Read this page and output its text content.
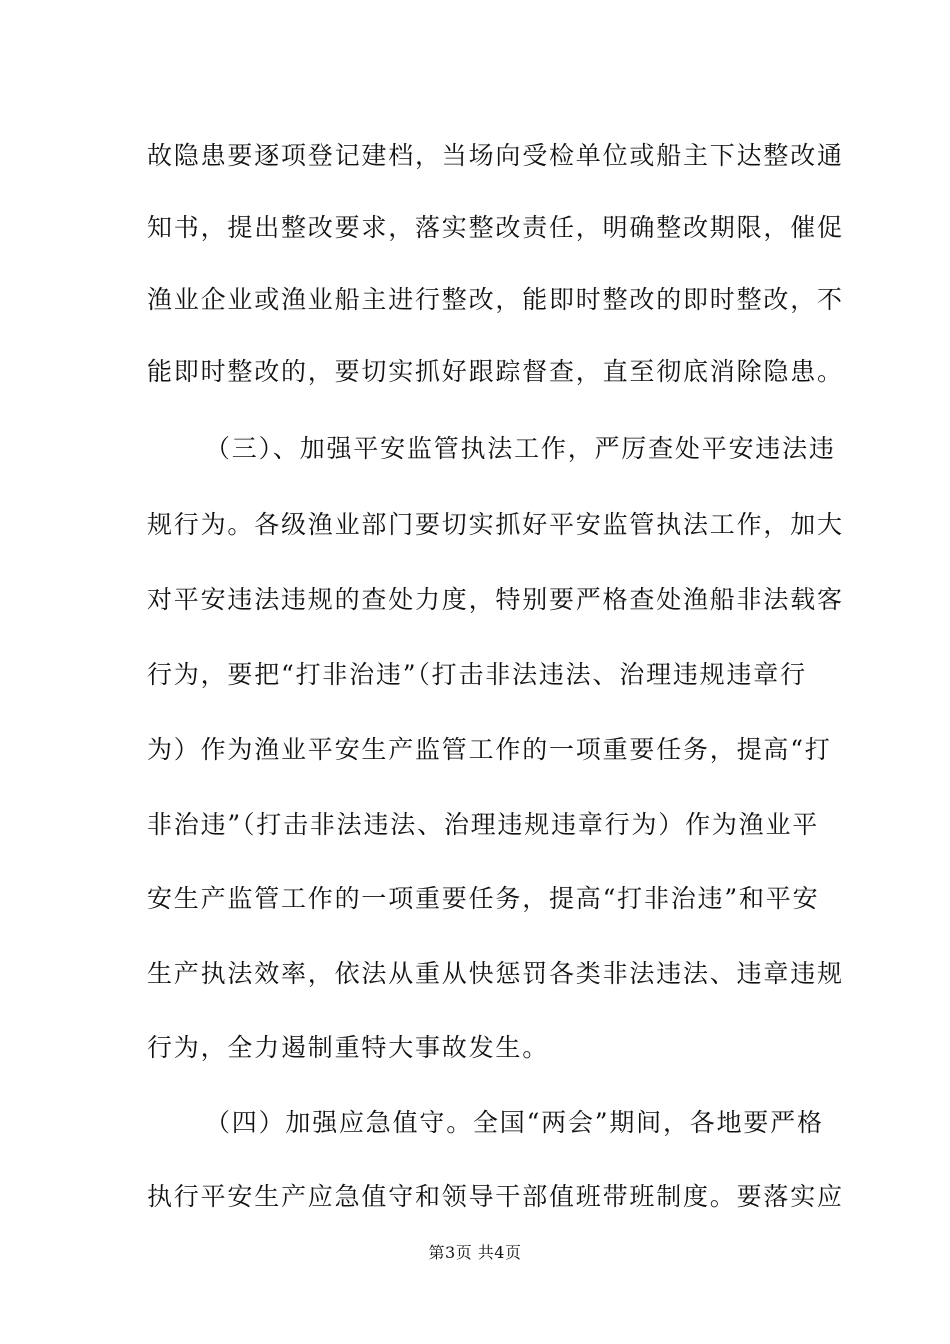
故隐患要逐项登记建档，当场向受检单位或船主下达整改通
知书，提出整改要求，落实整改责任，明确整改期限，催促
渔业企业或渔业船主进行整改，能即时整改的即时整改，不
能即时整改的，要切实抓好跟踪督查，直至彻底消除隐患。
（三）、加强平安监管执法工作，严厉查处平安违法违
规行为。各级渔业部门要切实抓好平安监管执法工作，加大
对平安违法违规的查处力度，特别要严格查处渔船非法载客
行为，要把“打非治违”（打击非法违法、治理违规违章行
为）作为渔业平安生产监管工作的一项重要任务，提高“打
非治违”（打击非法违法、治理违规违章行为）作为渔业平
安生产监管工作的一项重要任务，提高“打非治违”和平安
生产执法效率，依法从重从快惩罚各类非法违法、违章违规
行为，全力遏制重特大事故发生。
（四）加强应急值守。全国“两会”期间，各地要严格
执行平安生产应急值守和领导干部值班带班制度。要落实应
第3页 共4页
